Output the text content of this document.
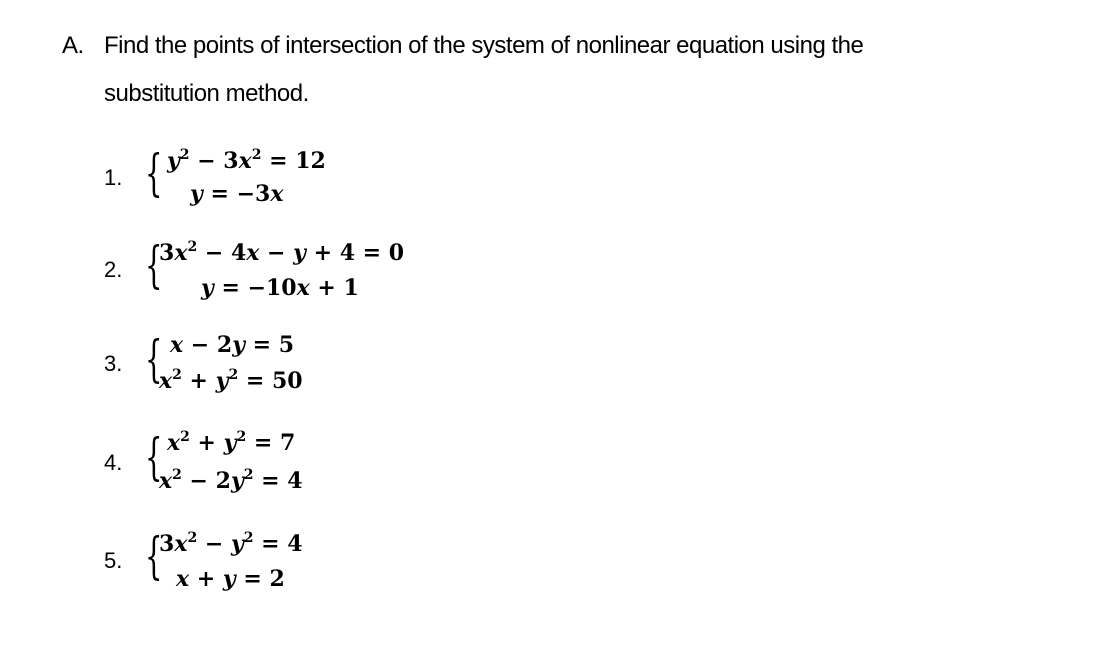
A. Find the points of intersection of the system of nonlinear equation using the
substitution method.
1. { $y^2 - 3x^2 = 12$
y = −3x
2. {
$3x^2 - 4x - y + 4 = 0$
y = −10x + 1
3. { x − 2y = 5
$x^2 + y^2 = 50$
4. { $x^2 + y^2 = 7$
$x^2 - 2y^2 = 4$
5. {
$3x^2 - y^2 = 4$
x + y = 2
